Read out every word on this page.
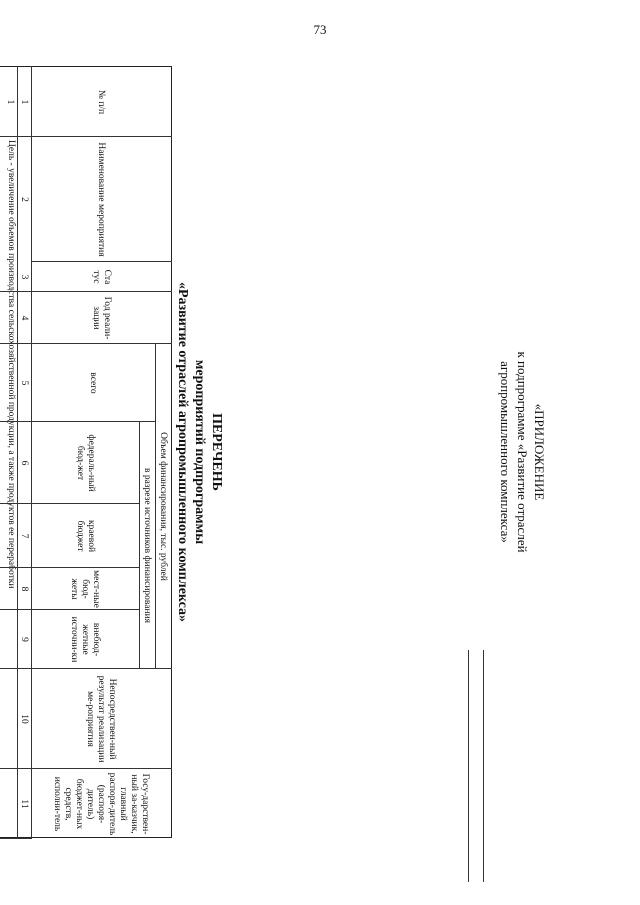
73
«ПРИЛОЖЕНИЕ
к подпрограмме «Развитие отраслей
агропромышленного комплекса»
ПЕРЕЧЕНЬ
мероприятий подпрограммы
«Развитие отраслей агропромышленного комплекса»
№ п/п
Наименование мероприятия
Ста тус
Год реали-зации
Объем финансирования, тыс. рублей
всего
в разрезе источников финансирования
федераль-ный бюд-жет
краевой бюджет
мест-ные бюд-жеты
внебюд-жетные источни-ки
Непосредствен-ный результат реализации ме-роприятия
Госу-дарствен-ный за-казчик, главный распоря-дитель (распоря-дитель) бюджет-ных средств, исполни-тель
1
2
3
4
5
6
7
8
9
10
11
1
Цель - увеличение объемов производства сельскохозяйственной продукции, а также продуктов ее переработки
